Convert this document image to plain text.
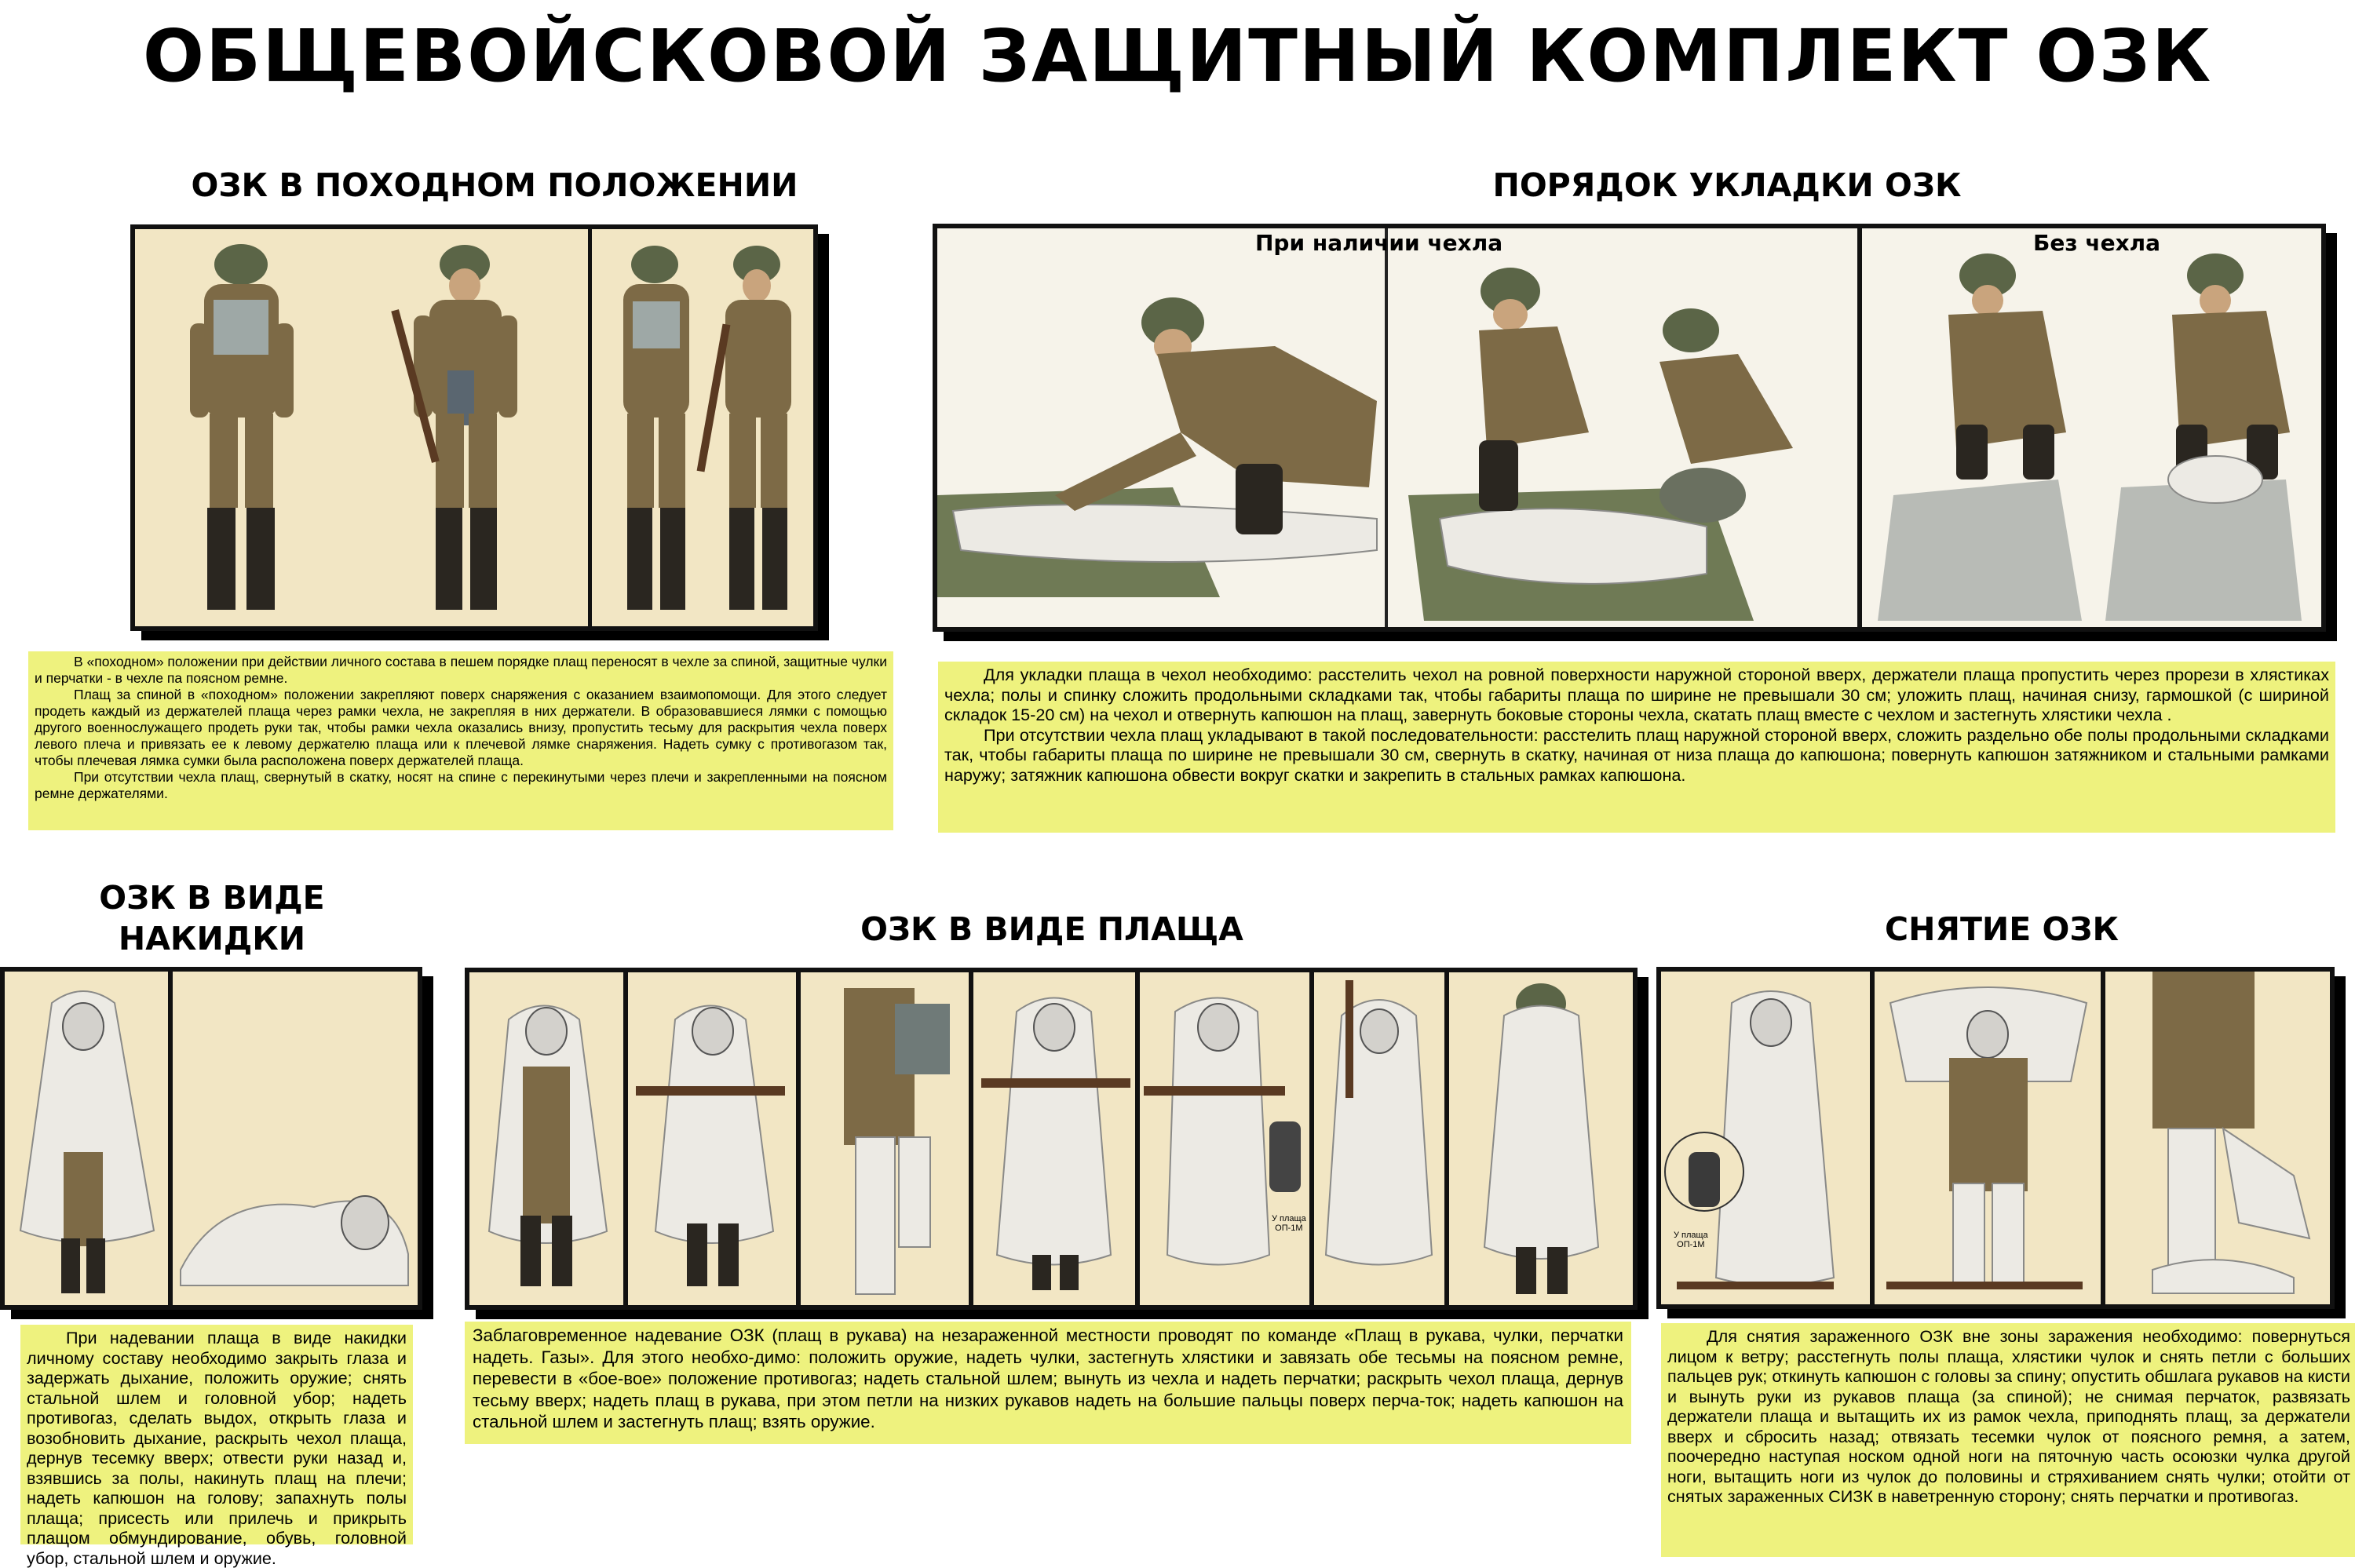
ОБЩЕВОЙСКОВОЙ ЗАЩИТНЫЙ КОМПЛЕКТ ОЗК
ОЗК В ПОХОДНОМ ПОЛОЖЕНИИ

В «походном» положении при действии личного состава в пешем порядке плащ переносят в чехле за спиной, защитные чулки и перчатки - в чехле па поясном ремне.

Плащ за спиной в «походном» положении закрепляют поверх снаряжения с оказанием взаимопомощи. Для этого следует продеть каждый из держателей плаща через рамки чехла, не закрепляя в них держатели. В образовавшиеся лямки с помощью другого военнослужащего продеть руки так, чтобы рамки чехла оказались внизу, пропустить тесьму для раскрытия чехла поверх левого плеча и привязать ее к левому держателю плаща или к плечевой лямке снаряжения. Надеть сумку с противогазом так, чтобы плечевая лямка сумки была расположена поверх держателей плаща.

При отсутствии чехла плащ, свернутый в скатку, носят на спине с перекинутыми через плечи и закрепленными на поясном ремне держателями.

ПОРЯДОК УКЛАДКИ ОЗК
При наличии чехла	Без чехла

Для укладки плаща в чехол необходимо: расстелить чехол на ровной поверхности наружной стороной вверх, держатели плаща пропустить через прорези в хлястиках чехла; полы и спинку сложить продольными складками так, чтобы габариты плаща по ширине не превышали 30 см; уложить плащ, начиная снизу, гармошкой (с шириной складок 15-20 см) на чехол и отвернуть капюшон на плащ, завернуть боковые стороны чехла, скатать плащ вместе с чехлом и застегнуть хлястики чехла .

При отсутствии чехла плащ укладывают в такой последовательности: расстелить плащ наружной стороной вверх, сложить раздельно обе полы продольными складками так, чтобы габариты плаща по ширине не превышали 30 см, свернуть в скатку, начиная от низа плаща до капюшона; повернуть капюшон затяжником и стальными рамками наружу; затяжник капюшона обвести вокруг скатки и закрепить в стальных рамках капюшона.

ОЗК В ВИДЕ
НАКИДКИ

При надевании плаща в виде накидки личному составу необходимо закрыть глаза и задержать дыхание, положить оружие; снять стальной шлем и головной убор; надеть противогаз, сделать выдох, открыть глаза и возобновить дыхание, раскрыть чехол плаща, дернув тесемку вверх; отвести руки назад и, взявшись за полы, накинуть плащ на плечи; надеть капюшон на голову; запахнуть полы плаща; присесть или прилечь и прикрыть плащом обмундирование, обувь, головной убор, стальной шлем и оружие.

ОЗК В ВИДЕ ПЛАЩА
У плаща
ОП-1М

Заблаговременное надевание ОЗК (плащ в рукава) на незараженной местности проводят по команде «Плащ в рукава, чулки, перчатки надеть. Газы». Для этого необхо-димо: положить оружие, надеть чулки, застегнуть хлястики и завязать обе тесьмы на поясном ремне, перевести в «бое-вое» положение противогаз; надеть стальной шлем; вынуть из чехла и надеть перчатки; раскрыть чехол плаща, дернув тесьму вверх; надеть плащ в рукава, при этом петли на низких рукавов надеть на большие пальцы поверх перча-ток; надеть капюшон на стальной шлем и застегнуть плащ; взять оружие.

СНЯТИЕ ОЗК
У плаща
ОП-1М

Для снятия зараженного ОЗК вне зоны заражения необходимо: повернуться лицом к ветру; расстегнуть полы плаща, хлястики чулок и снять петли с больших пальцев рук; откинуть капюшон с головы за спину; опустить обшлага рукавов на кисти и вынуть руки из рукавов плаща (за спиной); не снимая перчаток, развязать держатели плаща и вытащить их из рамок чехла, приподнять плащ, за держатели вверх и сбросить назад; отвязать тесемки чулок от поясного ремня, а затем, поочередно наступая носком одной ноги на пяточную часть осоюзки чулка другой ноги, вытащить ноги из чулок до половины и стряхиванием снять чулки; отойти от снятых зараженных СИЗК в наветренную сторону; снять перчатки и противогаз.
